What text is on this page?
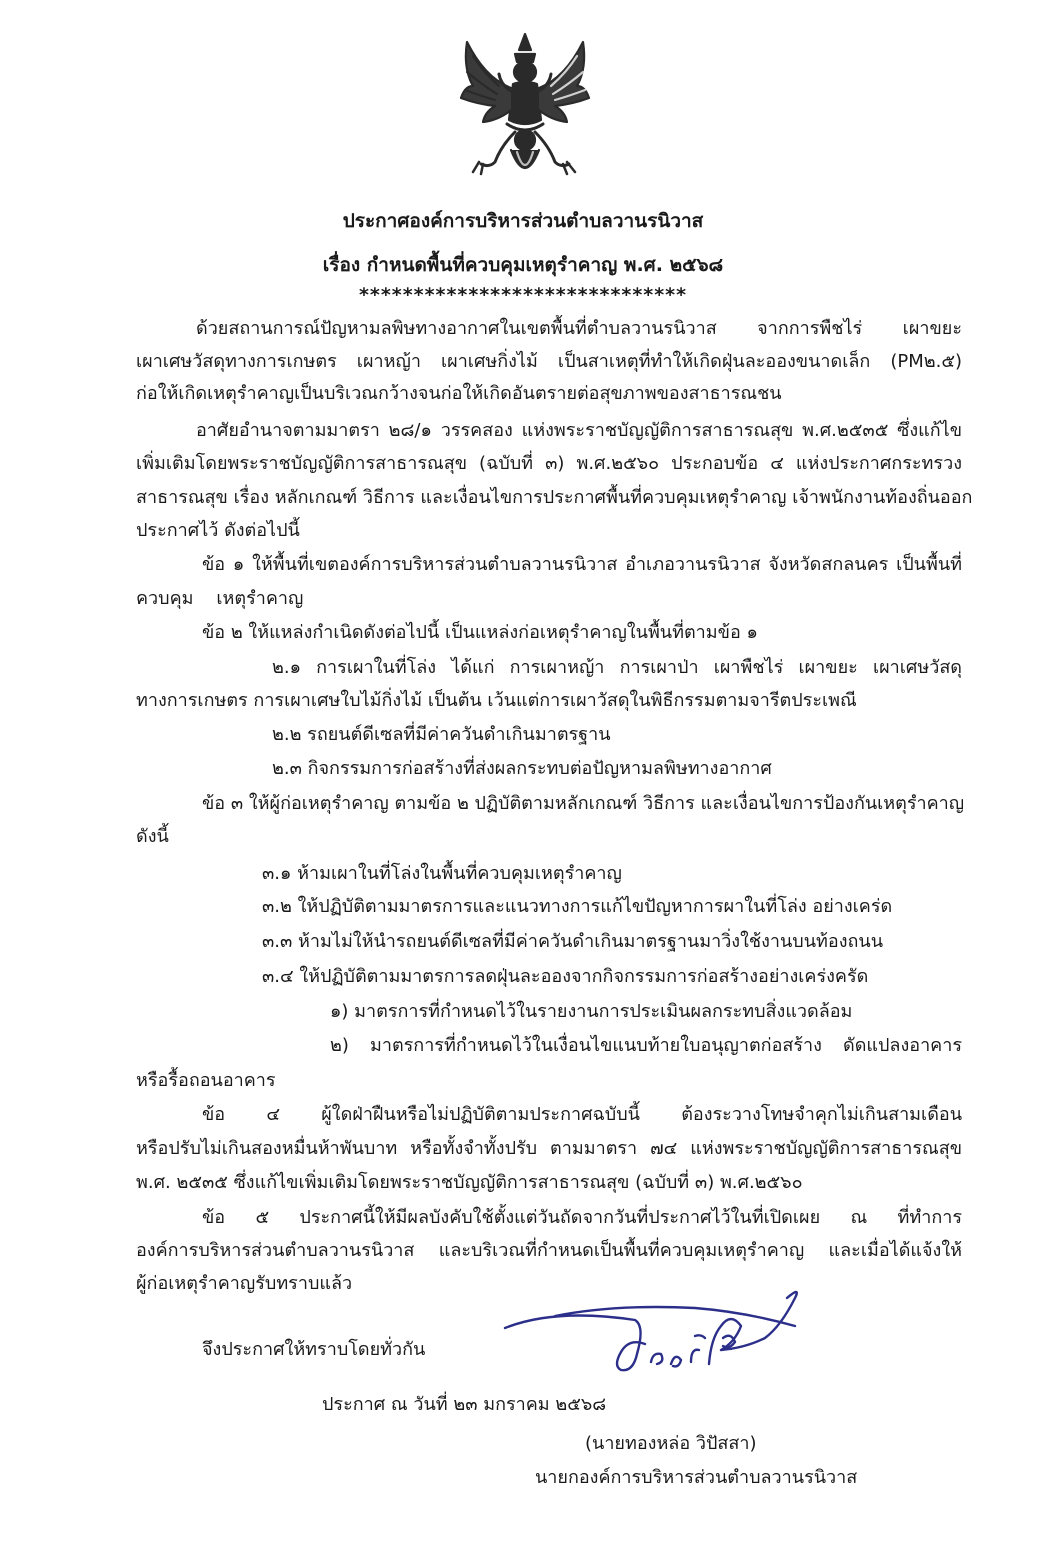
ประกาศองค์การบริหารส่วนตำบลวานรนิวาส
เรื่อง กำหนดพื้นที่ควบคุมเหตุรำคาญ พ.ศ. ๒๕๖๘
******************************
ด้วยสถานการณ์ปัญหามลพิษทางอากาศในเขตพื้นที่ตำบลวานรนิวาส จากการพืชไร่ เผาขยะ
เผาเศษวัสดุทางการเกษตร เผาหญ้า เผาเศษกิ่งไม้ เป็นสาเหตุที่ทำให้เกิดฝุ่นละอองขนาดเล็ก (PM๒.๕)
ก่อให้เกิดเหตุรำคาญเป็นบริเวณกว้างจนก่อให้เกิดอันตรายต่อสุขภาพของสาธารณชน
อาศัยอำนาจตามมาตรา ๒๘/๑ วรรคสอง แห่งพระราชบัญญัติการสาธารณสุข พ.ศ.๒๕๓๕ ซึ่งแก้ไข
เพิ่มเติมโดยพระราชบัญญัติการสาธารณสุข (ฉบับที่ ๓) พ.ศ.๒๕๖๐ ประกอบข้อ ๔ แห่งประกาศกระทรวง
สาธารณสุข เรื่อง หลักเกณฑ์ วิธีการ และเงื่อนไขการประกาศพื้นที่ควบคุมเหตุรำคาญ เจ้าพนักงานท้องถิ่นออก
ประกาศไว้ ดังต่อไปนี้
ข้อ ๑ ให้พื้นที่เขตองค์การบริหารส่วนตำบลวานรนิวาส อำเภอวานรนิวาส จังหวัดสกลนคร เป็นพื้นที่
ควบคุม    เหตุรำคาญ
ข้อ ๒ ให้แหล่งกำเนิดดังต่อไปนี้ เป็นแหล่งก่อเหตุรำคาญในพื้นที่ตามข้อ ๑
๒.๑ การเผาในที่โล่ง ได้แก่ การเผาหญ้า การเผาป่า เผาพืชไร่ เผาขยะ เผาเศษวัสดุ
ทางการเกษตร การเผาเศษใบไม้กิ่งไม้ เป็นต้น เว้นแต่การเผาวัสดุในพิธีกรรมตามจารีตประเพณี
๒.๒ รถยนต์ดีเซลที่มีค่าควันดำเกินมาตรฐาน
๒.๓ กิจกรรมการก่อสร้างที่ส่งผลกระทบต่อปัญหามลพิษทางอากาศ
ข้อ ๓ ให้ผู้ก่อเหตุรำคาญ ตามข้อ ๒ ปฏิบัติตามหลักเกณฑ์ วิธีการ และเงื่อนไขการป้องกันเหตุรำคาญ
ดังนี้
๓.๑ ห้ามเผาในที่โล่งในพื้นที่ควบคุมเหตุรำคาญ
๓.๒ ให้ปฏิบัติตามมาตรการและแนวทางการแก้ไขปัญหาการผาในที่โล่ง อย่างเคร่ด
๓.๓ ห้ามไม่ให้นำรถยนต์ดีเซลที่มีค่าควันดำเกินมาตรฐานมาวิ่งใช้งานบนท้องถนน
๓.๔ ให้ปฏิบัติตามมาตรการลดฝุ่นละอองจากกิจกรรมการก่อสร้างอย่างเคร่งครัด
๑) มาตรการที่กำหนดไว้ในรายงานการประเมินผลกระทบสิ่งแวดล้อม
๒) มาตรการที่กำหนดไว้ในเงื่อนไขแนบท้ายใบอนุญาตก่อสร้าง ดัดแปลงอาคาร
หรือรื้อถอนอาคาร
ข้อ ๔ ผู้ใดฝ่าฝืนหรือไม่ปฏิบัติตามประกาศฉบับนี้ ต้องระวางโทษจำคุกไม่เกินสามเดือน
หรือปรับไม่เกินสองหมื่นห้าพันบาท หรือทั้งจำทั้งปรับ ตามมาตรา ๗๔ แห่งพระราชบัญญัติการสาธารณสุข
พ.ศ. ๒๕๓๕ ซึ่งแก้ไขเพิ่มเติมโดยพระราชบัญญัติการสาธารณสุข (ฉบับที่ ๓) พ.ศ.๒๕๖๐
ข้อ ๕ ประกาศนี้ให้มีผลบังคับใช้ตั้งแต่วันถัดจากวันที่ประกาศไว้ในที่เปิดเผย ณ ที่ทำการ
องค์การบริหารส่วนตำบลวานรนิวาส และบริเวณที่กำหนดเป็นพื้นที่ควบคุมเหตุรำคาญ และเมื่อได้แจ้งให้
ผู้ก่อเหตุรำคาญรับทราบแล้ว
จึงประกาศให้ทราบโดยทั่วกัน
ประกาศ ณ วันที่ ๒๓ มกราคม ๒๕๖๘
(นายทองหล่อ วิปัสสา)
นายกองค์การบริหารส่วนตำบลวานรนิวาส
